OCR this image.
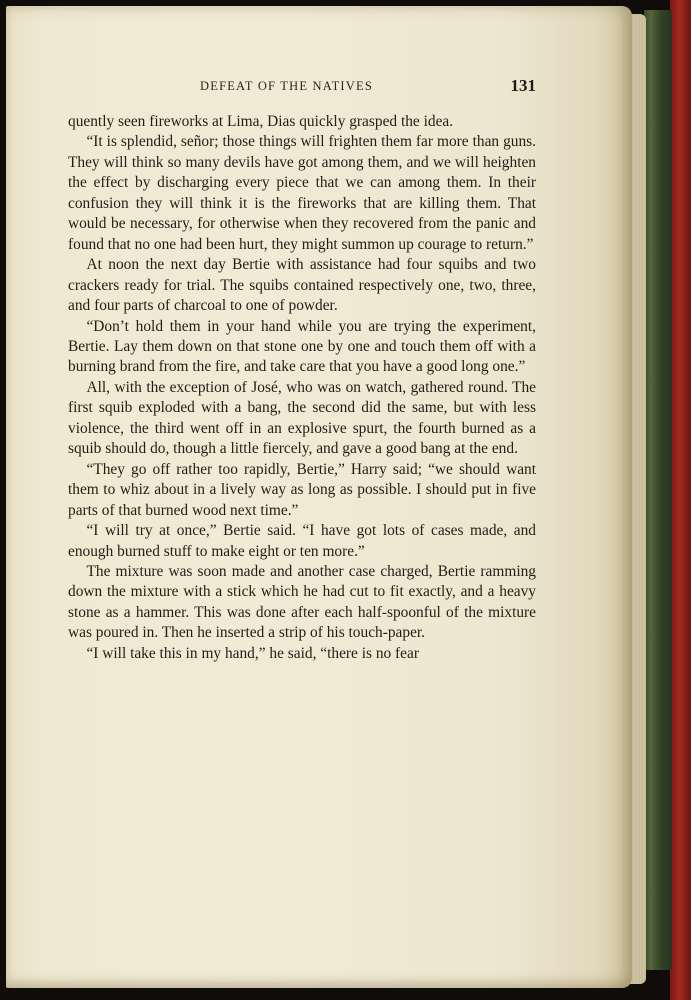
DEFEAT OF THE NATIVES	131

quently seen fireworks at Lima, Dias quickly grasped the idea.

“It is splendid, señor; those things will frighten them far more than guns. They will think so many devils have got among them, and we will heighten the effect by discharging every piece that we can among them. In their confusion they will think it is the fireworks that are killing them. That would be necessary, for otherwise when they recovered from the panic and found that no one had been hurt, they might summon up courage to return.”

At noon the next day Bertie with assistance had four squibs and two crackers ready for trial. The squibs contained respectively one, two, three, and four parts of charcoal to one of powder.

“Don’t hold them in your hand while you are trying the experiment, Bertie. Lay them down on that stone one by one and touch them off with a burning brand from the fire, and take care that you have a good long one.”

All, with the exception of José, who was on watch, gathered round. The first squib exploded with a bang, the second did the same, but with less violence, the third went off in an explosive spurt, the fourth burned as a squib should do, though a little fiercely, and gave a good bang at the end.

“They go off rather too rapidly, Bertie,” Harry said; “we should want them to whiz about in a lively way as long as possible. I should put in five parts of that burned wood next time.”

“I will try at once,” Bertie said. “I have got lots of cases made, and enough burned stuff to make eight or ten more.”

The mixture was soon made and another case charged, Bertie ramming down the mixture with a stick which he had cut to fit exactly, and a heavy stone as a hammer. This was done after each half-spoonful of the mixture was poured in. Then he inserted a strip of his touch-paper.

“I will take this in my hand,” he said, “there is no fear
